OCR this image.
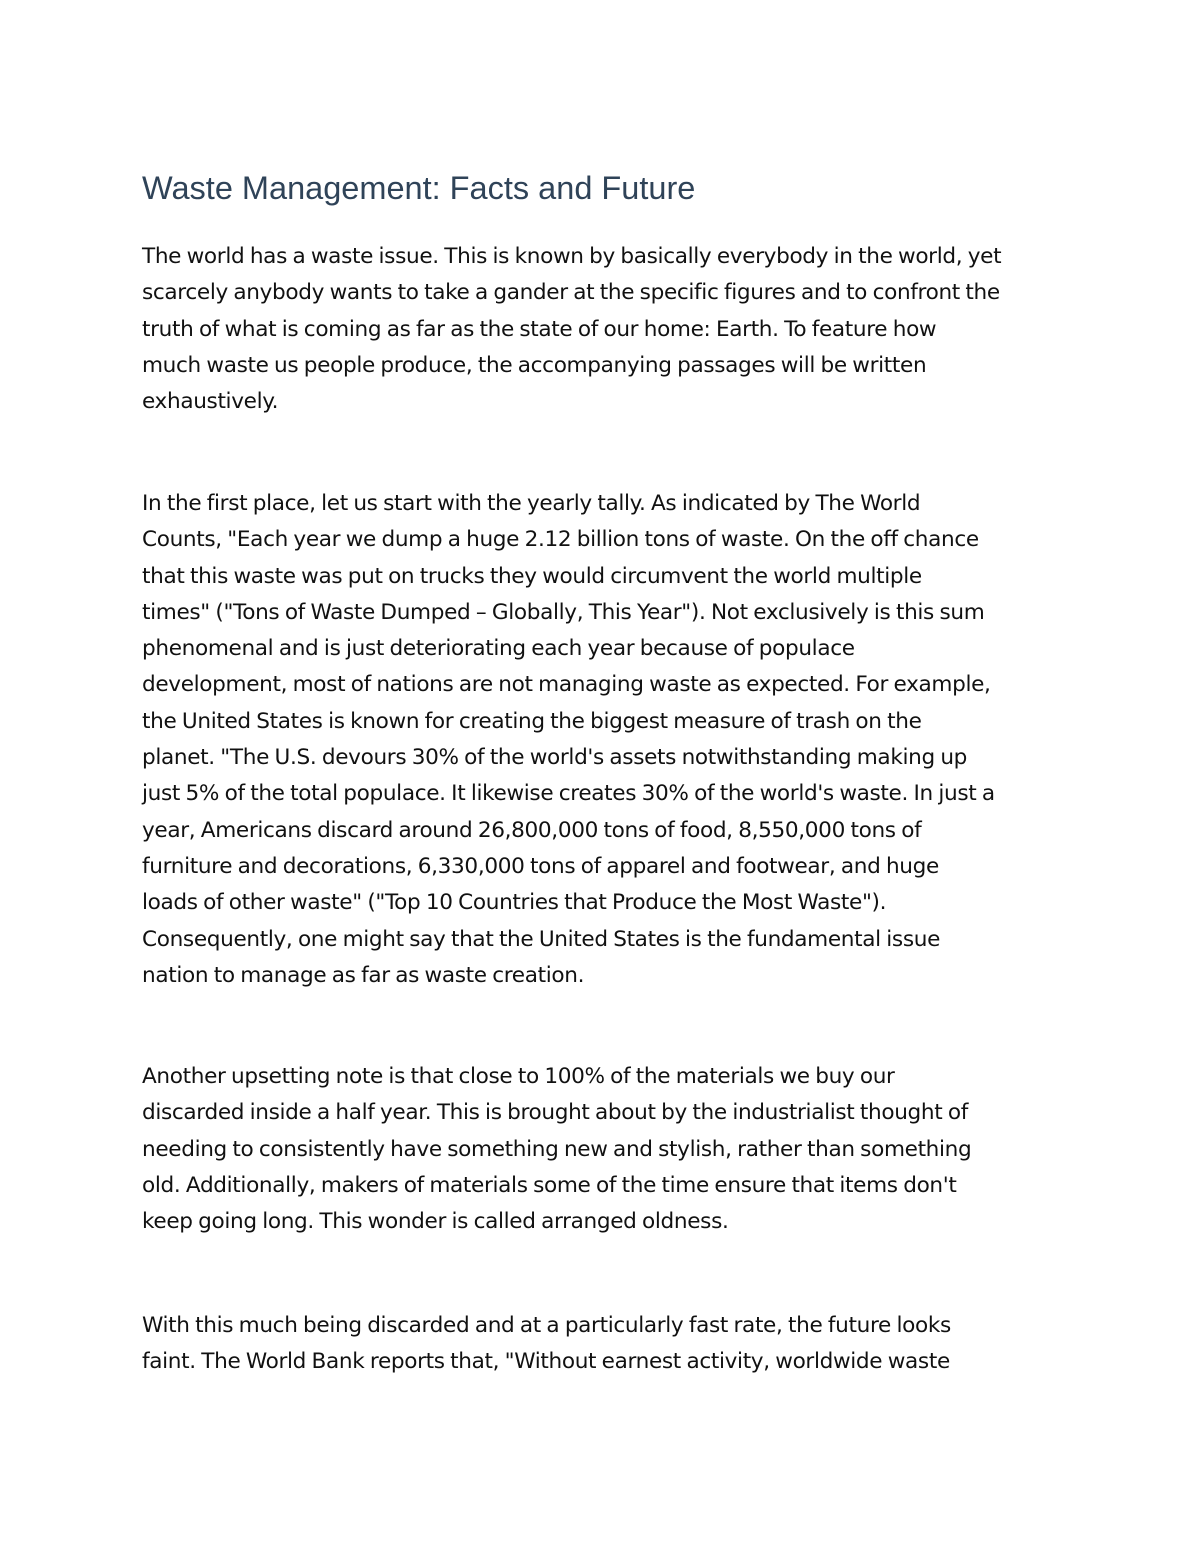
Waste Management: Facts and Future
The world has a waste issue. This is known by basically everybody in the world, yet
scarcely anybody wants to take a gander at the specific figures and to confront the
truth of what is coming as far as the state of our home: Earth. To feature how
much waste us people produce, the accompanying passages will be written
exhaustively.
In the first place, let us start with the yearly tally. As indicated by The World
Counts, "Each year we dump a huge 2.12 billion tons of waste. On the off chance
that this waste was put on trucks they would circumvent the world multiple
times" ("Tons of Waste Dumped – Globally, This Year"). Not exclusively is this sum
phenomenal and is just deteriorating each year because of populace
development, most of nations are not managing waste as expected. For example,
the United States is known for creating the biggest measure of trash on the
planet. "The U.S. devours 30% of the world's assets notwithstanding making up
just 5% of the total populace. It likewise creates 30% of the world's waste. In just a
year, Americans discard around 26,800,000 tons of food, 8,550,000 tons of
furniture and decorations, 6,330,000 tons of apparel and footwear, and huge
loads of other waste" ("Top 10 Countries that Produce the Most Waste").
Consequently, one might say that the United States is the fundamental issue
nation to manage as far as waste creation.
Another upsetting note is that close to 100% of the materials we buy our
discarded inside a half year. This is brought about by the industrialist thought of
needing to consistently have something new and stylish, rather than something
old. Additionally, makers of materials some of the time ensure that items don't
keep going long. This wonder is called arranged oldness.
With this much being discarded and at a particularly fast rate, the future looks
faint. The World Bank reports that, "Without earnest activity, worldwide waste
